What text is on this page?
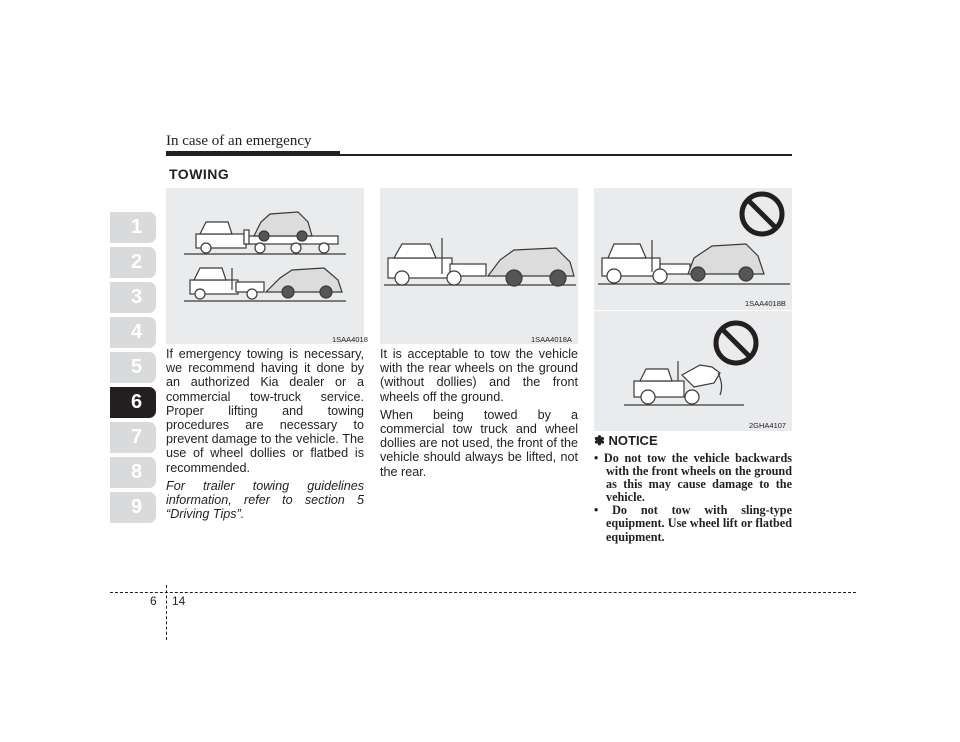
In case of an emergency
TOWING
1
2
3
4
5
6
7
8
9
1SAA4018	1SAA4018A
1SAA4018B
2GHA4107

If emergency towing is necessary, we recommend having it done by an authorized Kia dealer or a commercial tow-truck service. Proper lifting and towing procedures are necessary to prevent damage to the vehicle. The use of wheel dollies or flatbed is recommended.

For trailer towing guidelines information, refer to section 5 “Driving Tips”.

It is acceptable to tow the vehicle with the rear wheels on the ground (without dollies) and the front wheels off the ground.

When being towed by a commercial tow truck and wheel dollies are not used, the front of the vehicle should always be lifted, not the rear.

✽ NOTICE
• Do not tow the vehicle backwards with the front wheels on the ground as this may cause damage to the vehicle.
• Do not tow with sling-type equipment. Use wheel lift or flatbed equipment.
6 14
